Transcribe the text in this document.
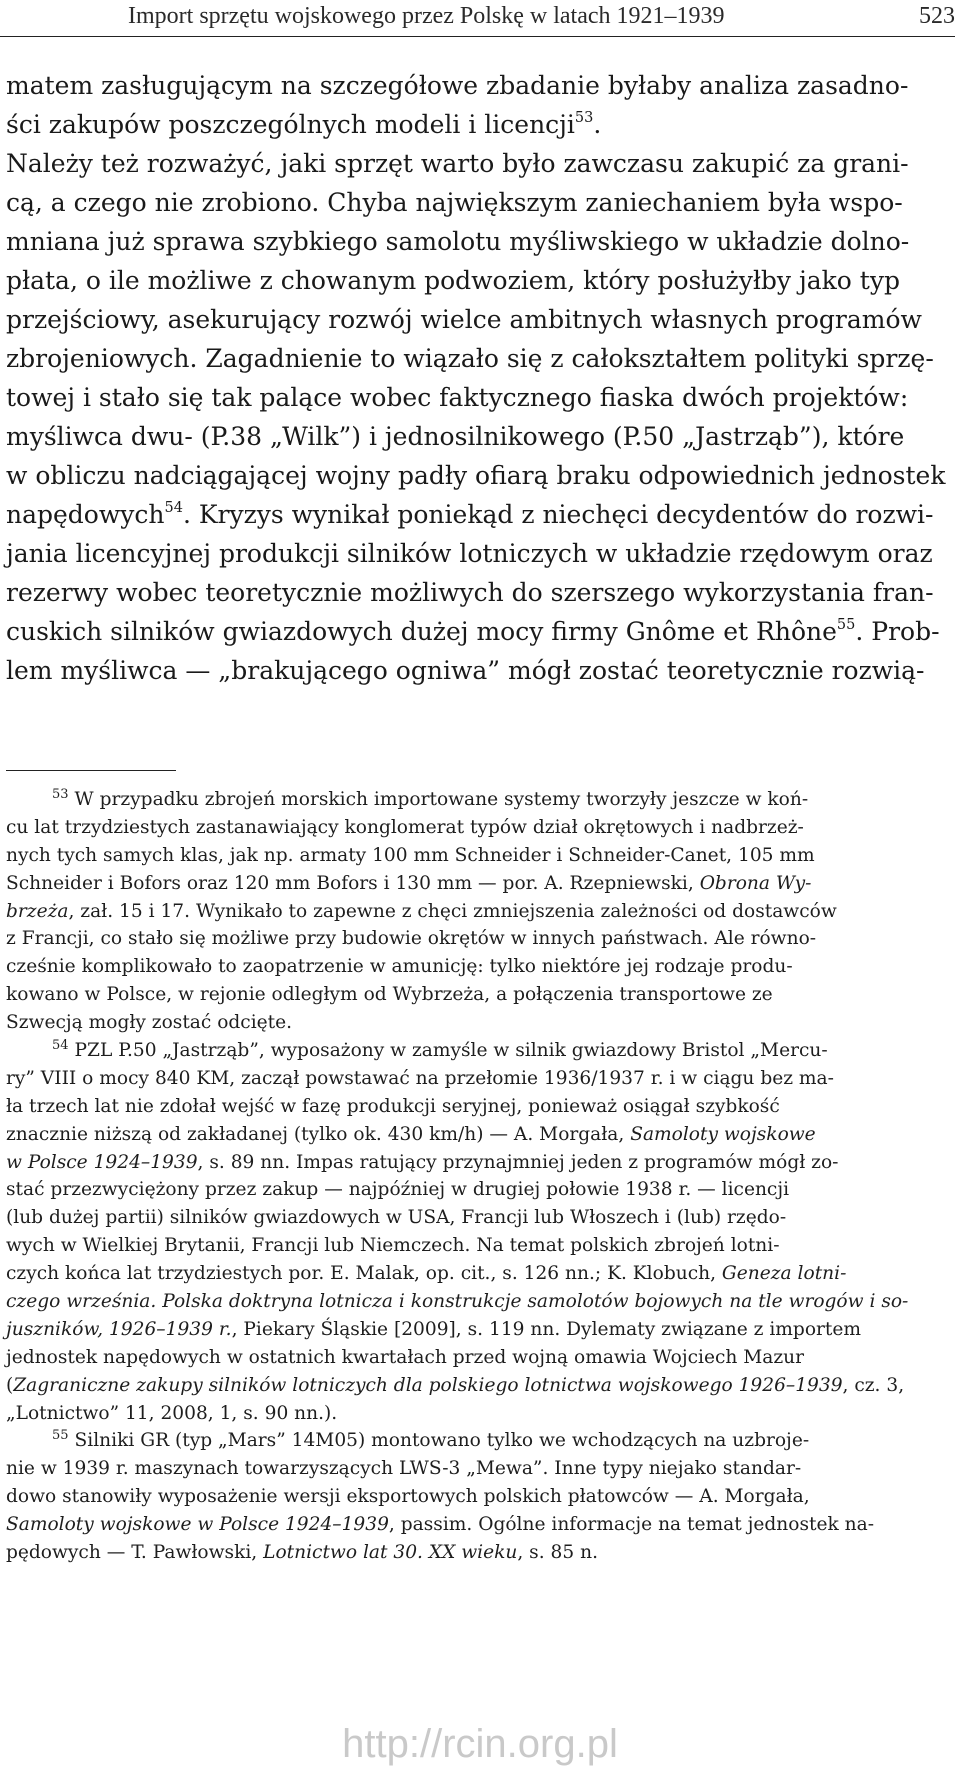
Import sprzętu wojskowego przez Polskę w latach 1921–1939	523
matem zasługującym na szczegółowe zbadanie byłaby analiza zasadno-
ści zakupów poszczególnych modeli i licencji$^{53}$.
Należy też rozważyć, jaki sprzęt warto było zawczasu zakupić za grani-
cą, a czego nie zrobiono. Chyba największym zaniechaniem była wspo-
mniana już sprawa szybkiego samolotu myśliwskiego w układzie dolno-
płata, o ile możliwe z chowanym podwoziem, który posłużyłby jako typ
przejściowy, asekurujący rozwój wielce ambitnych własnych programów
zbrojeniowych. Zagadnienie to wiązało się z całokształtem polityki sprzę-
towej i stało się tak palące wobec faktycznego fiaska dwóch projektów:
myśliwca dwu- (P.38 „Wilk”) i jednosilnikowego (P.50 „Jastrząb”), które
w obliczu nadciągającej wojny padły ofiarą braku odpowiednich jednostek
napędowych$^{54}$. Kryzys wynikał poniekąd z niechęci decydentów do rozwi-
jania licencyjnej produkcji silników lotniczych w układzie rzędowym oraz
rezerwy wobec teoretycznie możliwych do szerszego wykorzystania fran-
cuskich silników gwiazdowych dużej mocy firmy Gnôme et Rhône$^{55}$. Prob-
lem myśliwca — „brakującego ogniwa” mógł zostać teoretycznie rozwią-
$^{53}$ W przypadku zbrojeń morskich importowane systemy tworzyły jeszcze w koń-
cu lat trzydziestych zastanawiający konglomerat typów dział okrętowych i nadbrzeż-
nych tych samych klas, jak np. armaty 100 mm Schneider i Schneider-Canet, 105 mm
Schneider i Bofors oraz 120 mm Bofors i 130 mm — por. A. Rzepniewski, Obrona Wy-
brzeża, zał. 15 i 17. Wynikało to zapewne z chęci zmniejszenia zależności od dostawców
z Francji, co stało się możliwe przy budowie okrętów w innych państwach. Ale równo-
cześnie komplikowało to zaopatrzenie w amunicję: tylko niektóre jej rodzaje produ-
kowano w Polsce, w rejonie odległym od Wybrzeża, a połączenia transportowe ze
Szwecją mogły zostać odcięte.
$^{54}$ PZL P.50 „Jastrząb”, wyposażony w zamyśle w silnik gwiazdowy Bristol „Mercu-
ry” VIII o mocy 840 KM, zaczął powstawać na przełomie 1936/1937 r. i w ciągu bez ma-
ła trzech lat nie zdołał wejść w fazę produkcji seryjnej, ponieważ osiągał szybkość
znacznie niższą od zakładanej (tylko ok. 430 km/h) — A. Morgała, Samoloty wojskowe
w Polsce 1924–1939, s. 89 nn. Impas ratujący przynajmniej jeden z programów mógł zo-
stać przezwyciężony przez zakup — najpóźniej w drugiej połowie 1938 r. — licencji
(lub dużej partii) silników gwiazdowych w USA, Francji lub Włoszech i (lub) rzędo-
wych w Wielkiej Brytanii, Francji lub Niemczech. Na temat polskich zbrojeń lotni-
czych końca lat trzydziestych por. E. Malak, op. cit., s. 126 nn.; K. Klobuch, Geneza lotni-
czego września. Polska doktryna lotnicza i konstrukcje samolotów bojowych na tle wrogów i so-
juszników, 1926–1939 r., Piekary Śląskie [2009], s. 119 nn. Dylematy związane z importem
jednostek napędowych w ostatnich kwartałach przed wojną omawia Wojciech Mazur
(Zagraniczne zakupy silników lotniczych dla polskiego lotnictwa wojskowego 1926–1939, cz. 3,
„Lotnictwo” 11, 2008, 1, s. 90 nn.).
$^{55}$ Silniki GR (typ „Mars” 14M05) montowano tylko we wchodzących na uzbroje-
nie w 1939 r. maszynach towarzyszących LWS-3 „Mewa”. Inne typy niejako standar-
dowo stanowiły wyposażenie wersji eksportowych polskich płatowców — A. Morgała,
Samoloty wojskowe w Polsce 1924–1939, passim. Ogólne informacje na temat jednostek na-
pędowych — T. Pawłowski, Lotnictwo lat 30. XX wieku, s. 85 n.
http://rcin.org.pl
